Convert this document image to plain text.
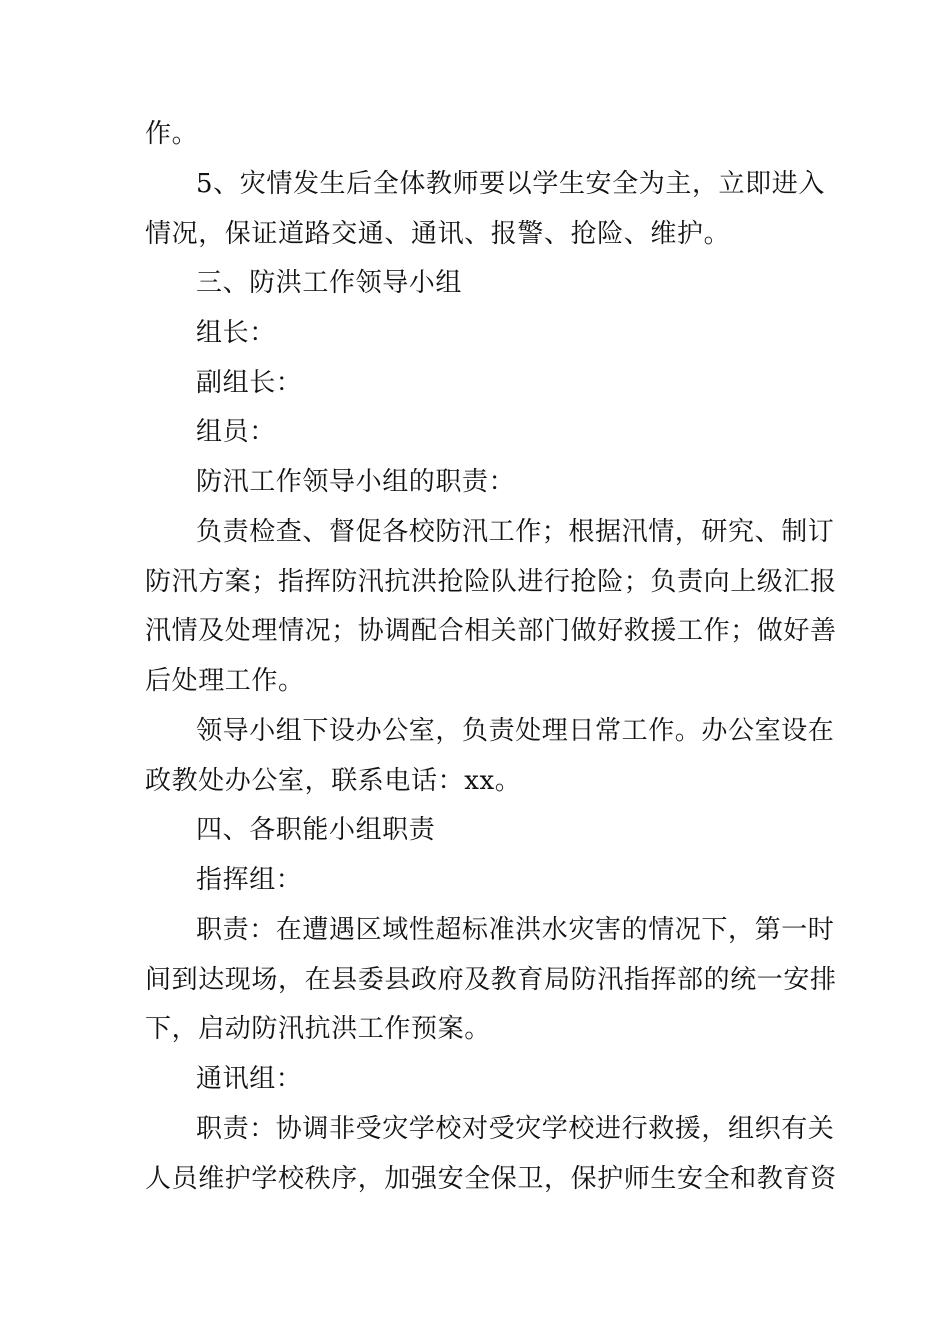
作。
5、灾情发生后全体教师要以学生安全为主，立即进入
情况，保证道路交通、通讯、报警、抢险、维护。
三、防洪工作领导小组
组长：
副组长：
组员：
防汛工作领导小组的职责：
负责检查、督促各校防汛工作；根据汛情，研究、制订
防汛方案；指挥防汛抗洪抢险队进行抢险；负责向上级汇报
汛情及处理情况；协调配合相关部门做好救援工作；做好善
后处理工作。
领导小组下设办公室，负责处理日常工作。办公室设在
政教处办公室，联系电话：xx。
四、各职能小组职责
指挥组：
职责：在遭遇区域性超标准洪水灾害的情况下，第一时
间到达现场，在县委县政府及教育局防汛指挥部的统一安排
下，启动防汛抗洪工作预案。
通讯组：
职责：协调非受灾学校对受灾学校进行救援，组织有关
人员维护学校秩序，加强安全保卫，保护师生安全和教育资
